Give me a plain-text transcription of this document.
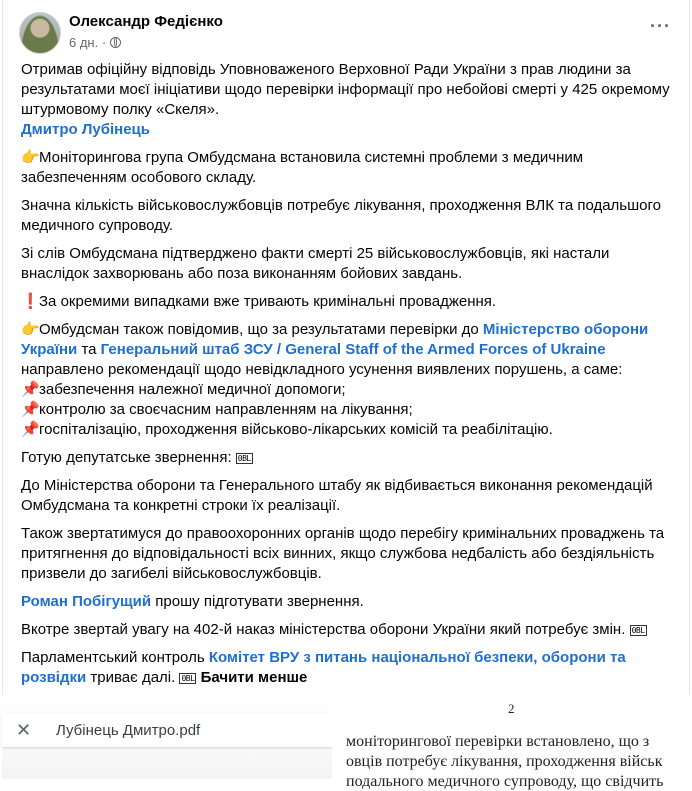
Олександр Федієнко
6 дн. ·
···

Отримав офіційну відповідь Уповноваженого Верховної Ради України з прав людини за результатами моєї ініціативи щодо перевірки інформації про небойові смерті у 425 окремому штурмовому полку «Скеля».
Дмитро Лубінець

👉Моніторингова група Омбудсмана встановила системні проблеми з медичним забезпеченням особового складу.

Значна кількість військовослужбовців потребує лікування, проходження ВЛК та подальшого медичного супроводу.

Зі слів Омбудсмана підтверджено факти смерті 25 військовослужбовців, які настали внаслідок захворювань або поза виконанням бойових завдань.

❗За окремими випадками вже тривають кримінальні провадження.

👉Омбудсман також повідомив, що за результатами перевірки до Міністерство оборони України та Генеральний штаб ЗСУ / General Staff of the Armed Forces of Ukraine направлено рекомендації щодо невідкладного усунення виявлених порушень, а саме:
📌забезпечення належної медичної допомоги;
📌контролю за своєчасним направленням на лікування;
📌госпіталізацію, проходження військово-лікарських комісій та реабілітацію.

Готую депутатське звернення: 0BL

До Міністерства оборони та Генерального штабу як відбивається виконання рекомендацій Омбудсмана та конкретні строки їх реалізації.

Також звертатимуся до правоохоронних органів щодо перебігу кримінальних проваджень та притягнення до відповідальності всіх винних, якщо службова недбалість або бездіяльність призвели до загибелі військовослужбовців.

Роман Побігущий прошу підготувати звернення.

Вкотре звертай увагу на 402-й наказ міністерства оборони України який потребує змін. 0BL

Парламентський контроль Комітет ВРУ з питань національної безпеки, оборони та розвідки триває далі. 0BL Бачити менше

✕	Лубінець Дмитро.pdf
2
моніторингової перевірки встановлено, що з
овців потребує лікування, проходження військ
подального медичного супроводу, що свідчить
